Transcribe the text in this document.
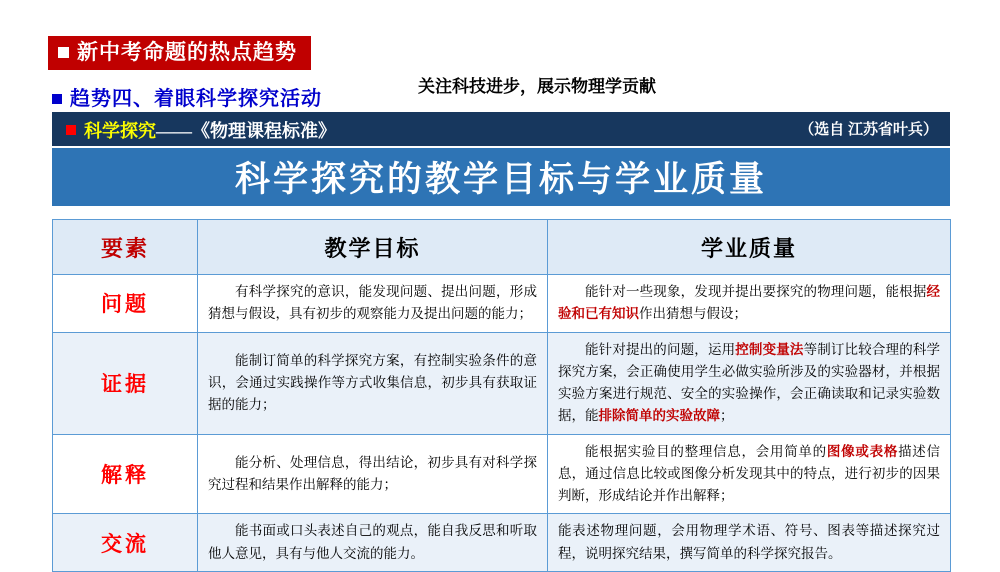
新中考命题的热点趋势
趋势四、着眼科学探究活动
关注科技进步，展示物理学贡献
科学探究——《物理课程标准》	（选自 江苏省叶兵）
科学探究的教学目标与学业质量
要素	教学目标	学业质量
问题	有科学探究的意识，能发现问题、提出问题，形成猜想与假设，具有初步的观察能力及提出问题的能力；	能针对一些现象，发现并提出要探究的物理问题，能根据经验和已有知识作出猜想与假设；
证据	能制订简单的科学探究方案，有控制实验条件的意识，会通过实践操作等方式收集信息，初步具有获取证据的能力；	能针对提出的问题，运用控制变量法等制订比较合理的科学探究方案，会正确使用学生必做实验所涉及的实验器材，并根据实验方案进行规范、安全的实验操作，会正确读取和记录实验数据，能排除简单的实验故障；
解释	能分析、处理信息，得出结论，初步具有对科学探究过程和结果作出解释的能力；	能根据实验目的整理信息，会用简单的图像或表格描述信息，通过信息比较或图像分析发现其中的特点，进行初步的因果判断，形成结论并作出解释；
交流	能书面或口头表述自己的观点，能自我反思和听取他人意见，具有与他人交流的能力。	能表述物理问题，会用物理学术语、符号、图表等描述探究过程，说明探究结果，撰写简单的科学探究报告。
